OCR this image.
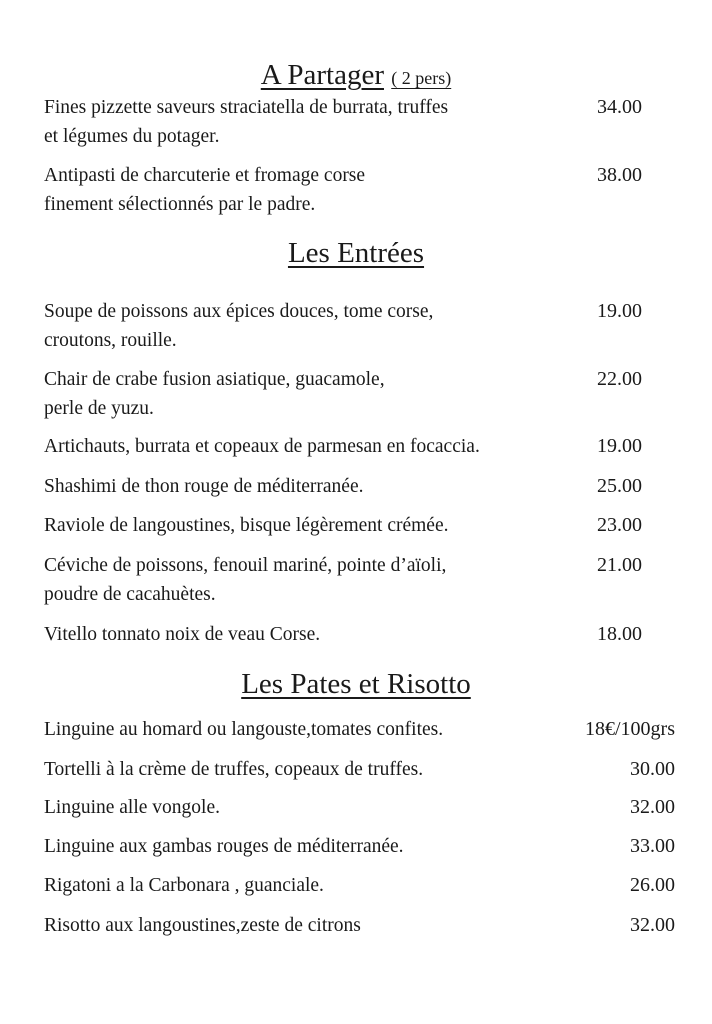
A Partager ( 2 pers)
Fines pizzette saveurs straciatella de burrata, truffes
et légumes du potager.
34.00
Antipasti de charcuterie et fromage corse
finement sélectionnés par le padre.
38.00
Les Entrées
Soupe de poissons aux épices douces, tome corse,
croutons, rouille.
19.00
Chair de crabe fusion asiatique, guacamole,
perle de yuzu.
22.00
Artichauts, burrata et copeaux de parmesan en focaccia.	19.00
Shashimi de thon rouge de méditerranée.	25.00
Raviole de langoustines, bisque légèrement crémée.	23.00
Céviche de poissons, fenouil mariné, pointe d’aïoli,
poudre de cacahuètes.
21.00
Vitello tonnato noix de veau Corse.	18.00
Les Pates et Risotto
Linguine au homard ou langouste,tomates confites.	18€/100grs
Tortelli à la crème de truffes, copeaux de truffes.	30.00
Linguine alle vongole.	32.00
Linguine aux gambas rouges de méditerranée.	33.00
Rigatoni a la Carbonara , guanciale.	26.00
Risotto aux langoustines,zeste de citrons	32.00
